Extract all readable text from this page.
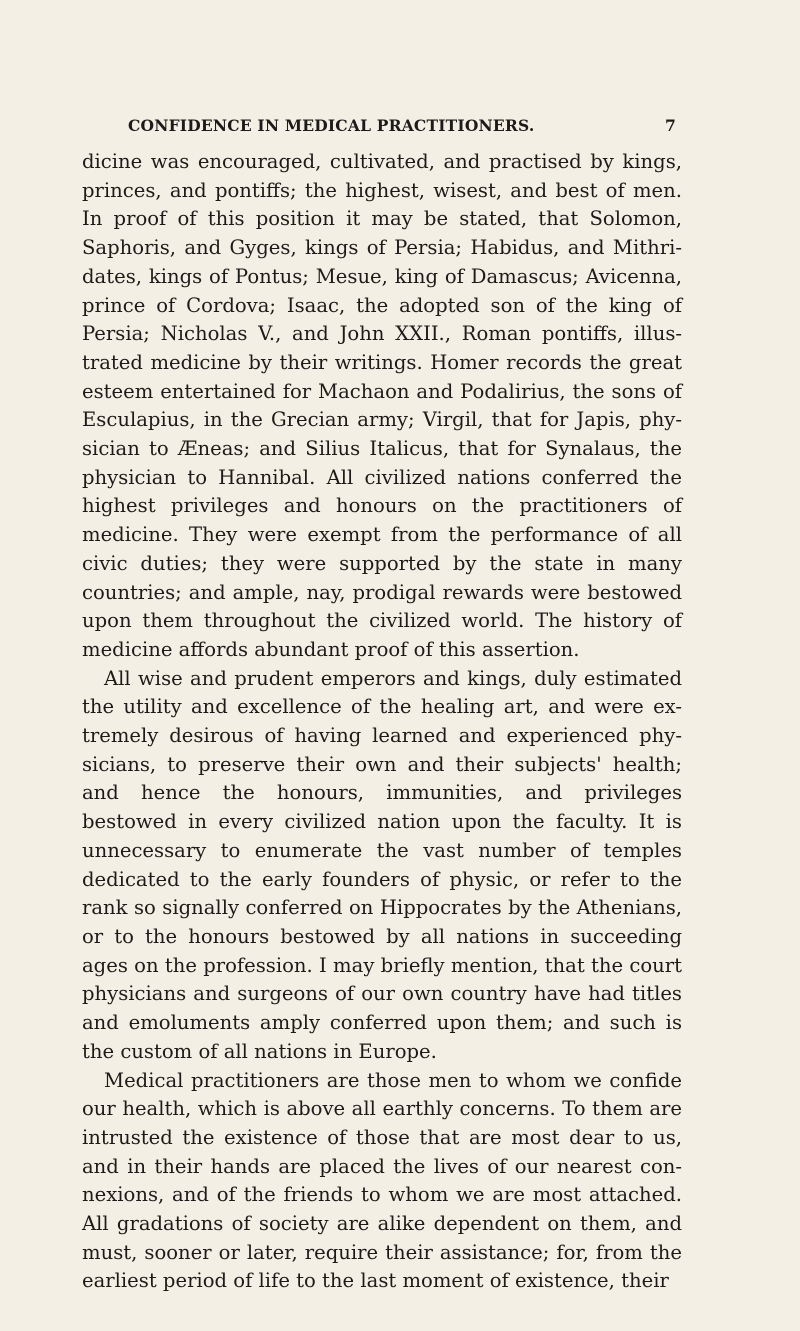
CONFIDENCE IN MEDICAL PRACTITIONERS.	7

dicine was encouraged, cultivated, and practised by kings, princes, and pontiffs; the highest, wisest, and best of men. In proof of this position it may be stated, that Solomon, Saphoris, and Gyges, kings of Persia; Habidus, and Mithri-dates, kings of Pontus; Mesue, king of Damascus; Avicenna, prince of Cordova; Isaac, the adopted son of the king of Persia; Nicholas V., and John XXII., Roman pontiffs, illus-trated medicine by their writings. Homer records the great esteem entertained for Machaon and Podalirius, the sons of Esculapius, in the Grecian army; Virgil, that for Japis, phy-sician to Æneas; and Silius Italicus, that for Synalaus, the physician to Hannibal. All civilized nations conferred the highest privileges and honours on the practitioners of medicine. They were exempt from the performance of all civic duties; they were supported by the state in many countries; and ample, nay, prodigal rewards were bestowed upon them throughout the civilized world. The history of medicine affords abundant proof of this assertion.

All wise and prudent emperors and kings, duly estimated the utility and excellence of the healing art, and were ex-tremely desirous of having learned and experienced phy-sicians, to preserve their own and their subjects' health; and hence the honours, immunities, and privileges bestowed in every civilized nation upon the faculty. It is unnecessary to enumerate the vast number of temples dedicated to the early founders of physic, or refer to the rank so signally conferred on Hippocrates by the Athenians, or to the honours bestowed by all nations in succeeding ages on the profession. I may briefly mention, that the court physicians and surgeons of our own country have had titles and emoluments amply conferred upon them; and such is the custom of all nations in Europe.

Medical practitioners are those men to whom we confide our health, which is above all earthly concerns. To them are intrusted the existence of those that are most dear to us, and in their hands are placed the lives of our nearest con-nexions, and of the friends to whom we are most attached. All gradations of society are alike dependent on them, and must, sooner or later, require their assistance; for, from the earliest period of life to the last moment of existence, their
